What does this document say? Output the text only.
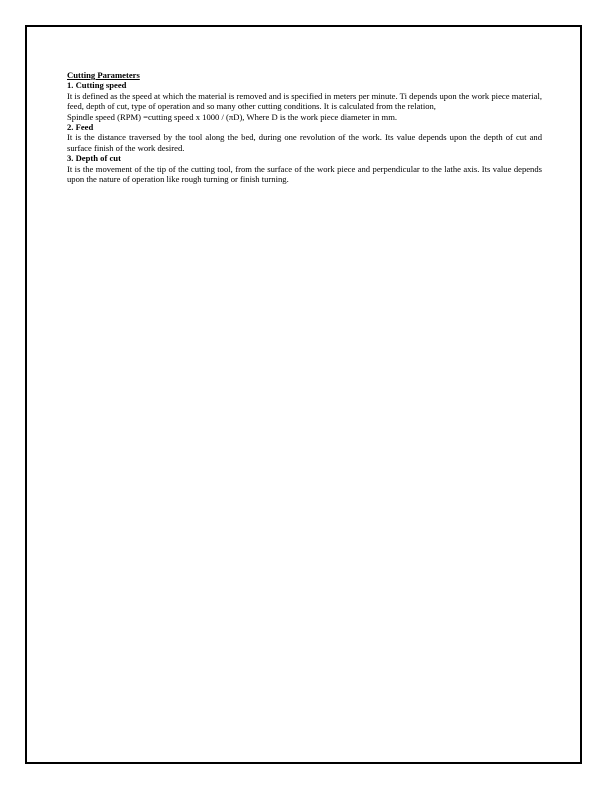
Cutting Parameters
1. Cutting speed
It is defined as the speed at which the material is removed and is specified in meters per minute. Ti depends upon the work piece material, feed, depth of cut, type of operation and so many other cutting conditions. It is calculated from the relation,
Spindle speed (RPM) =cutting speed x 1000 / (πD), Where D is the work piece diameter in mm.
2. Feed
It is the distance traversed by the tool along the bed, during one revolution of the work. Its value depends upon the depth of cut and surface finish of the work desired.
3. Depth of cut
It is the movement of the tip of the cutting tool, from the surface of the work piece and perpendicular to the lathe axis. Its value depends upon the nature of operation like rough turning or finish turning.
